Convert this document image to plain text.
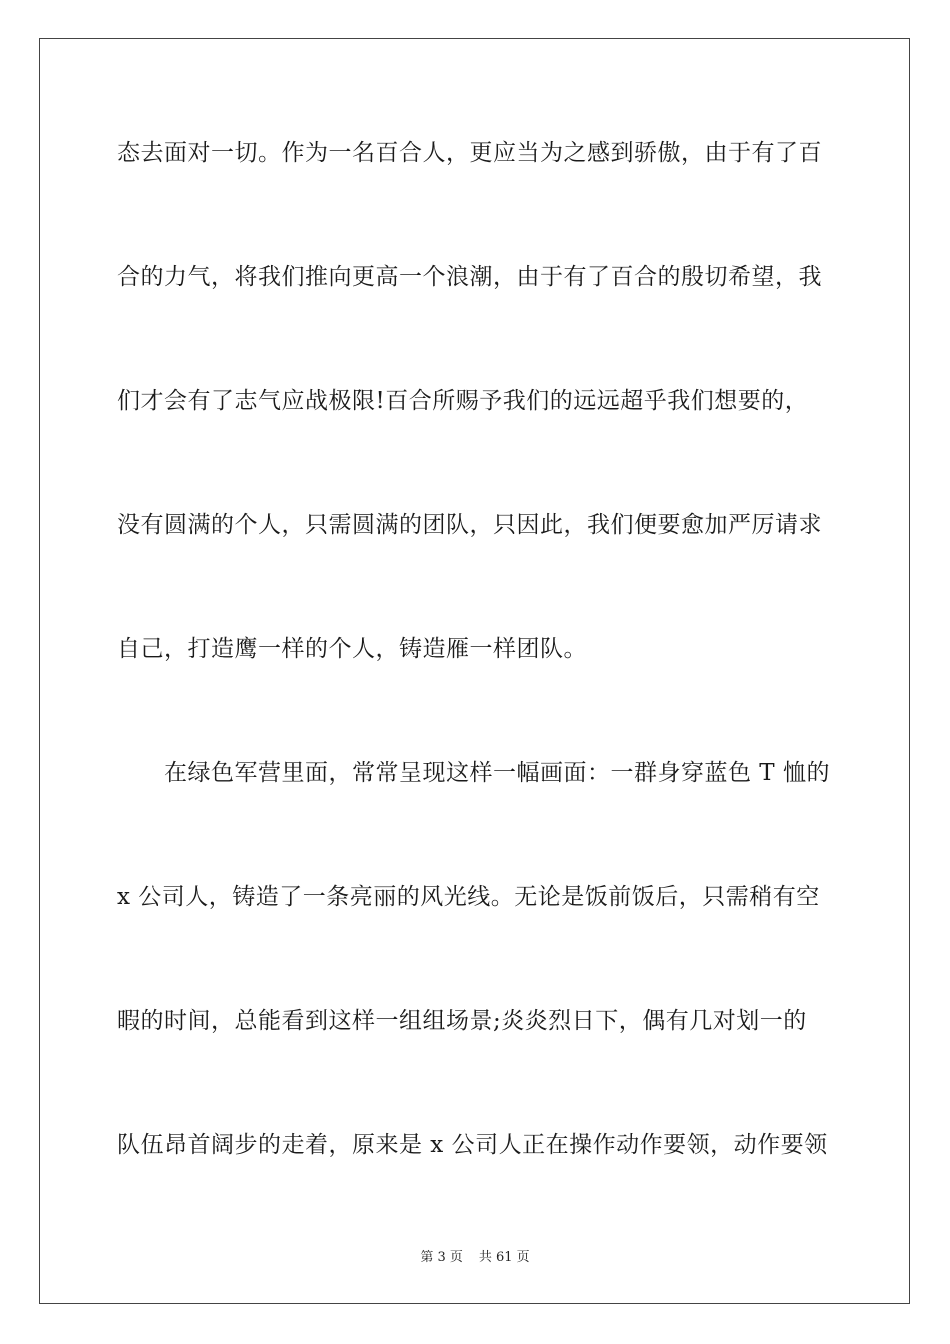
态去面对一切。作为一名百合人，更应当为之感到骄傲，由于有了百
合的力气，将我们推向更高一个浪潮，由于有了百合的殷切希望，我
们才会有了志气应战极限!百合所赐予我们的远远超乎我们想要的，
没有圆满的个人，只需圆满的团队，只因此，我们便要愈加严厉请求
自己，打造鹰一样的个人，铸造雁一样团队。
在绿色军营里面，常常呈现这样一幅画面：一群身穿蓝色 T 恤的
x 公司人，铸造了一条亮丽的风光线。无论是饭前饭后，只需稍有空
暇的时间，总能看到这样一组组场景;炎炎烈日下，偶有几对划一的
队伍昂首阔步的走着，原来是 x 公司人正在操作动作要领，动作要领
第 3 页 共 61 页
